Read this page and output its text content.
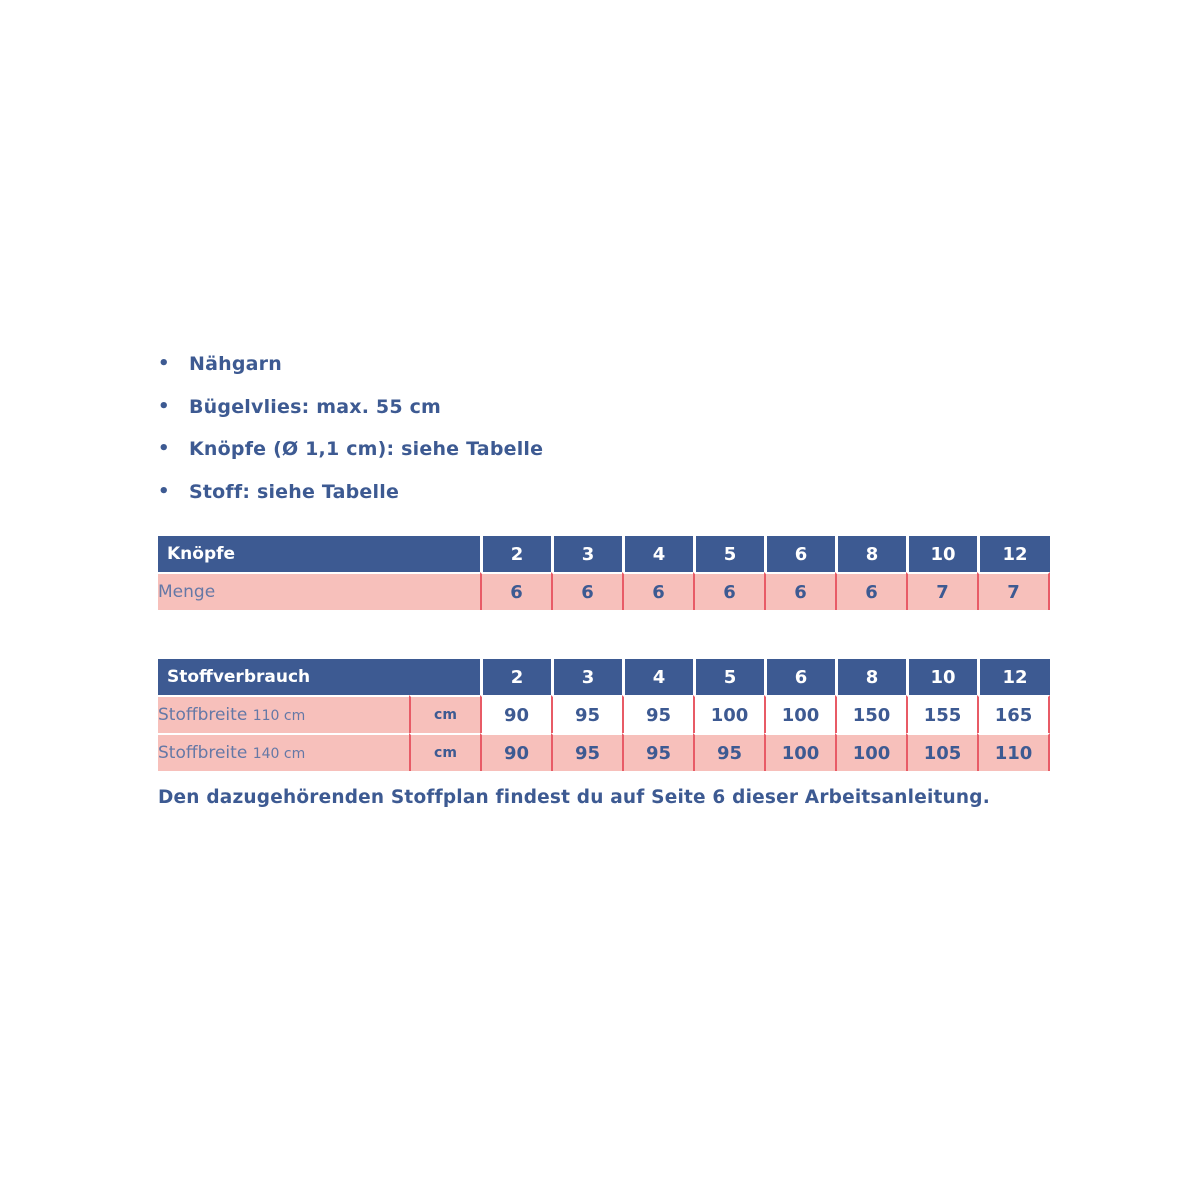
• Nähgarn
• Bügelvlies: max. 55 cm
• Knöpfe (Ø 1,1 cm): siehe Tabelle
• Stoff: siehe Tabelle
Knöpfe	2	3	4	5	6	8	10	12
Menge	6	6	6	6	6	6	7	7
Stoffverbrauch		2	3	4	5	6	8	10	12
Stoffbreite 110 cm	cm	90	95	95	100	100	150	155	165
Stoffbreite 140 cm	cm	90	95	95	95	100	100	105	110
Den dazugehörenden Stoffplan findest du auf Seite 6 dieser Arbeitsanleitung.
